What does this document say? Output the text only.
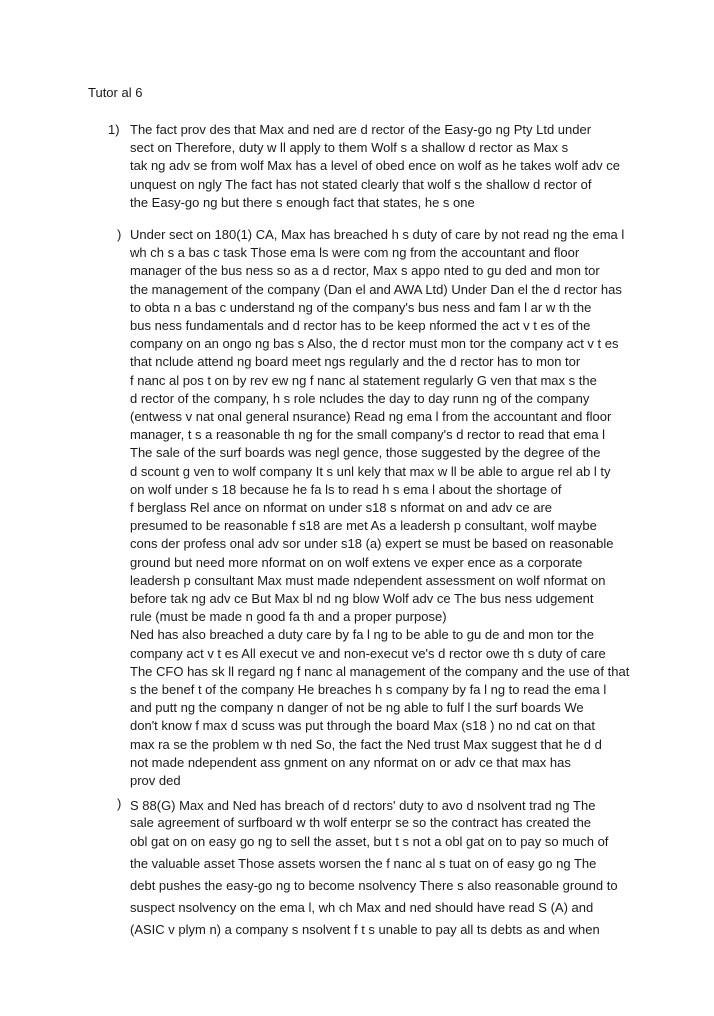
Tutor al 6
1) The fact prov des that Max and ned are d rector of the Easy-go ng Pty Ltd under
sect on Therefore, duty w ll apply to them Wolf s a shallow d rector as Max s
tak ng adv se from wolf Max has a level of obed ence on wolf as he takes wolf adv ce
unquest on ngly The fact has not stated clearly that wolf s the shallow d rector of
the Easy-go ng but there s enough fact that states, he s one
) Under sect on 180(1) CA, Max has breached h s duty of care by not read ng the ema l
wh ch s a bas c task Those ema ls were com ng from the accountant and floor
manager of the bus ness so as a d rector, Max s appo nted to gu ded and mon tor
the management of the company (Dan el and AWA Ltd) Under Dan el the d rector has
to obta n a bas c understand ng of the company's bus ness and fam l ar w th the
bus ness fundamentals and d rector has to be keep nformed the act v t es of the
company on an ongo ng bas s Also, the d rector must mon tor the company act v t es
that nclude attend ng board meet ngs regularly and the d rector has to mon tor
f nanc al pos t on by rev ew ng f nanc al statement regularly G ven that max s the
d rector of the company, h s role ncludes the day to day runn ng of the company
(entwess v nat onal general nsurance) Read ng ema l from the accountant and floor
manager, t s a reasonable th ng for the small company's d rector to read that ema l
The sale of the surf boards was negl gence, those suggested by the degree of the
d scount g ven to wolf company It s unl kely that max w ll be able to argue rel ab l ty
on wolf under s 18 because he fa ls to read h s ema l about the shortage of
f berglass Rel ance on nformat on under s18 s nformat on and adv ce are
presumed to be reasonable f s18 are met As a leadersh p consultant, wolf maybe
cons der profess onal adv sor under s18 (a) expert se must be based on reasonable
ground but need more nformat on on wolf extens ve exper ence as a corporate
leadersh p consultant Max must made ndependent assessment on wolf nformat on
before tak ng adv ce But Max bl nd ng blow Wolf adv ce The bus ness udgement
rule (must be made n good fa th and a proper purpose)
Ned has also breached a duty care by fa l ng to be able to gu de and mon tor the
company act v t es All execut ve and non-execut ve's d rector owe th s duty of care
The CFO has sk ll regard ng f nanc al management of the company and the use of that
s the benef t of the company He breaches h s company by fa l ng to read the ema l
and putt ng the company n danger of not be ng able to fulf l the surf boards We
don't know f max d scuss was put through the board Max (s18 ) no nd cat on that
max ra se the problem w th ned So, the fact the Ned trust Max suggest that he d d
not made ndependent ass gnment on any nformat on or adv ce that max has
prov ded
) S 88(G) Max and Ned has breach of d rectors' duty to avo d nsolvent trad ng The
sale agreement of surfboard w th wolf enterpr se so the contract has created the
obl gat on on easy go ng to sell the asset, but t s not a obl gat on to pay so much of
the valuable asset Those assets worsen the f nanc al s tuat on of easy go ng The
debt pushes the easy-go ng to become nsolvency There s also reasonable ground to
suspect nsolvency on the ema l, wh ch Max and ned should have read S (A) and
(ASIC v plym n) a company s nsolvent f t s unable to pay all ts debts as and when
